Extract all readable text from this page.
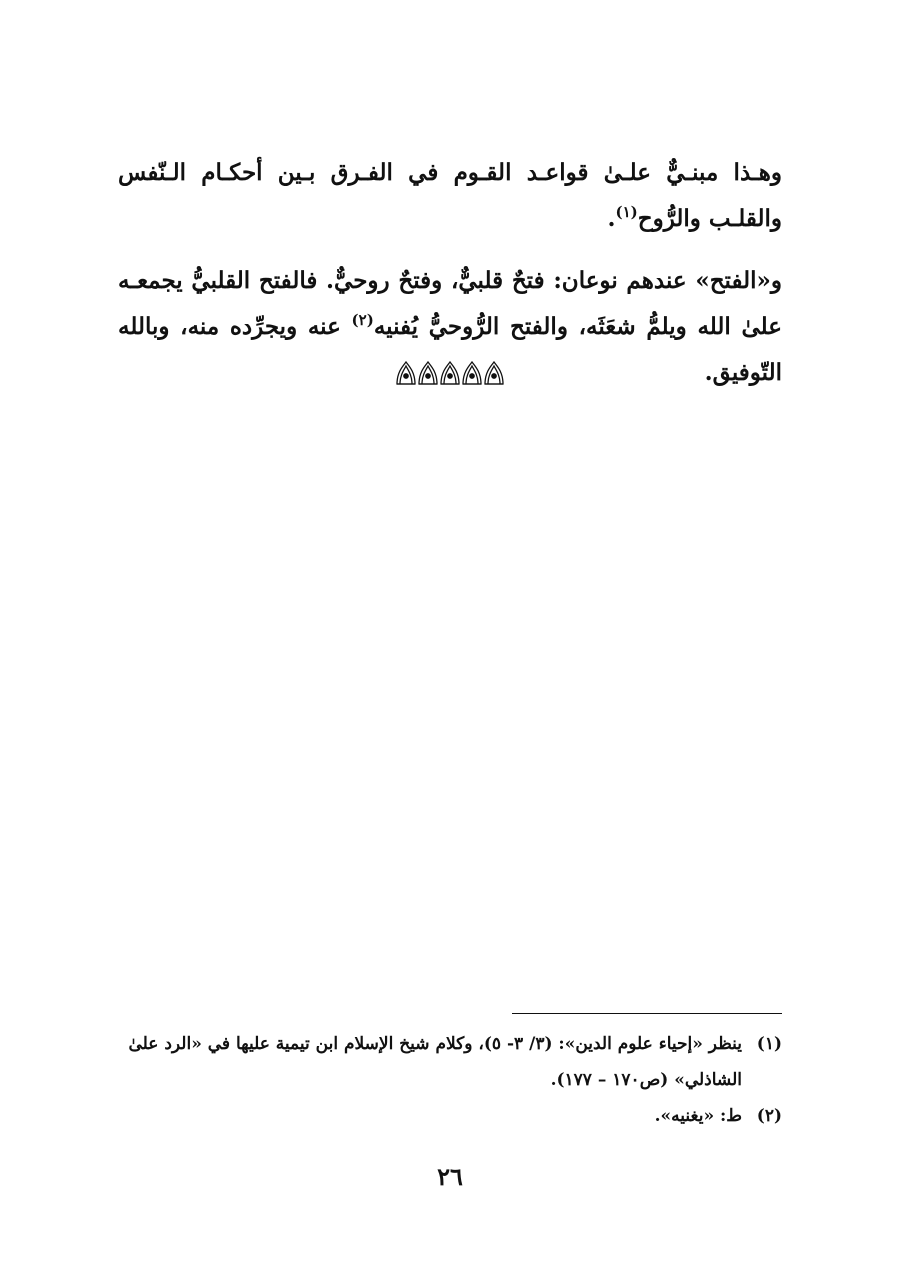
وهـذا مبنـيٌّ علـىٰ قواعـد القـوم في الفـرق بـين أحكـام الـنّفس والقلـب والرُّوح$^{(١)}$.

و«الفتح» عندهم نوعان: فتحٌ قلبيٌّ، وفتحٌ روحيٌّ. فالفتح القلبيُّ يجمعـه علىٰ الله ويلمُّ شعَثَه، والفتح الرُّوحيُّ يُفنيه$^{(٢)}$ عنه ويجرِّده منه، وبالله التّوفيق.

(١)
ينظر «إحياء علوم الدين»: (٣/ ٣- ٥)، وكلام شيخ الإسلام ابن تيمية عليها في «الرد علىٰ الشاذلي» (ص١٧٠ – ١٧٧).
(٢)
ط: «يغنيه».
٢٦
